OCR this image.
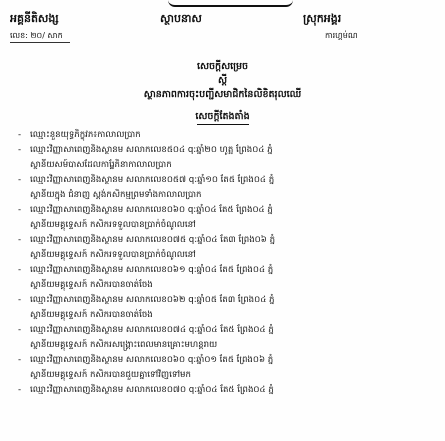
អគ្គនីតិសង្ស	ស្ថាបនាស	ស្រុកអង្គរ
លេខ: ២០/ សាក	ការហ្គម់ណ
សេចក្តីសម្រេច
ស្តី
ស្ថានភាពការចុះបញ្ជីសមាជិកនៃលិខិតរុលឈើ
សេចក្តីតែងតាំង
-	ឈ្មោះនួនយុទ្ធភិក្ខុវភ៖កាលាលប្រាក
-	ឈ្មោះវិញ្ញាសាពេញនិងស្ថានម សលាកលេខ៥០៤ q:ឆ្នាំ២០ ហូត្អ ព្រែង០៤ ភ្នំ
ស្ថានីយសម៍បាសដែលការ្ឋែភិនាកាលាលប្រាក
-	ឈ្មោះវិញ្ញាសាពេញនិងស្ថានម សលាកលេខ០៥៧ q:ឆ្នាំ១០ តែ៥ ព្រែង០៤ ភ្នំ
ស្ថានីយក្នុង ជំនាញ ស្តង់កសិកម្មព្រមទាំងកាលាលប្រាក
-	ឈ្មោះវិញ្ញាសាពេញនិងស្ថានម សលាកលេខ០៦០ q:ឆ្នាំ០៤ តែ៥ ព្រែង០៤ ភ្នំ
ស្ថានីយមគ្គុទ្ទេសក៍ កសិករទទួលបានប្រាក់ចំណូលនៅ
-	ឈ្មោះវិញ្ញាសាពេញនិងស្ថានម សលាកលេខ០៧៥ q:ឆ្នាំ០៤ តែ៣ ព្រែង០៦ ភ្នំ
ស្ថានីយមគ្គុទ្ទេសក៍ កសិករទទួលបានប្រាក់ចំណូលនៅ
-	ឈ្មោះវិញ្ញាសាពេញនិងស្ថានម សលាកលេខ០៦១ q:ឆ្នាំ០៤ តែ៥ ព្រែង០៤ ភ្នំ
ស្ថានីយមគ្គុទ្ទេសក៍ កសិករបានចាត់ចែង
-	ឈ្មោះវិញ្ញាសាពេញនិងស្ថានម សលាកលេខ០៦២ q:ឆ្នាំ០៥ តែ៣ ព្រែង០៤ ភ្នំ
ស្ថានីយមគ្គុទ្ទេសក៍ កសិករបានចាត់ចែង
-	ឈ្មោះវិញ្ញាសាពេញនិងស្ថានម សលាកលេខ០៧៤ q:ឆ្នាំ០៤ តែ៥ ព្រែង០៤ ភ្នំ
ស្ថានីយមគ្គុទ្ទេសក៍ កសិករសង្គ្រោះពេលមានគ្រោះមហន្តរាយ
-	ឈ្មោះវិញ្ញាសាពេញនិងស្ថានម សលាកលេខ០៦០ q:ឆ្នាំ០១ តែ៥ ព្រែង០៦ ភ្នំ
ស្ថានីយមគ្គុទ្ទេសក៍ កសិករបានជួយគ្នាទៅវិញទៅមក
-	ឈ្មោះវិញ្ញាសាពេញនិងស្ថានម សលាកលេខ០៧០ q:ឆ្នាំ០៤ តែ៥ ព្រែង០៤ ភ្នំ
